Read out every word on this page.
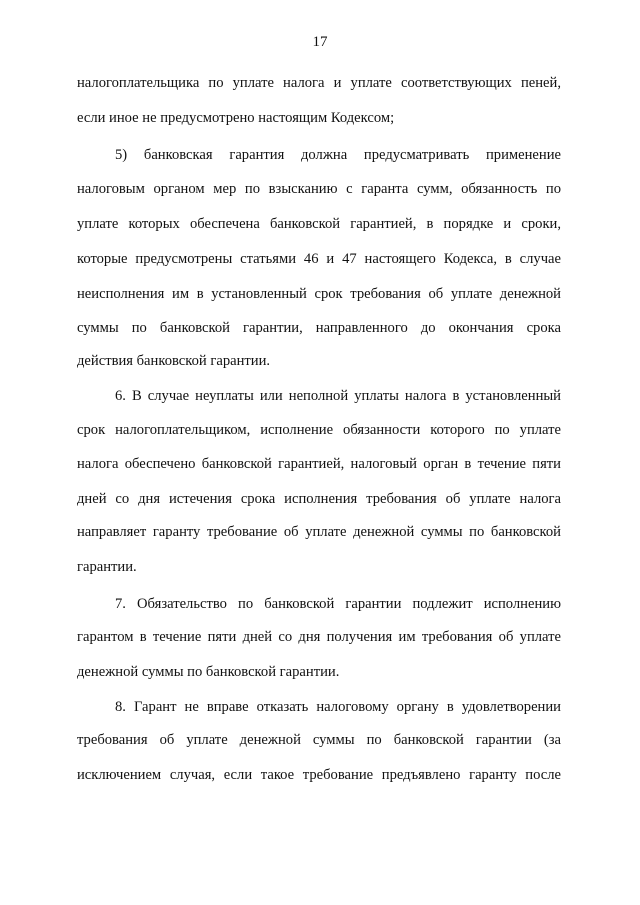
17
налогоплательщика по уплате налога и уплате соответствующих пеней,
если иное не предусмотрено настоящим Кодексом;
5) банковская гарантия должна предусматривать применение
налоговым органом мер по взысканию с гаранта сумм, обязанность по
уплате которых обеспечена банковской гарантией, в порядке и сроки,
которые предусмотрены статьями 46 и 47 настоящего Кодекса, в случае
неисполнения им в установленный срок требования об уплате денежной
суммы по банковской гарантии, направленного до окончания срока
действия банковской гарантии.
6. В случае неуплаты или неполной уплаты налога в установленный
срок налогоплательщиком, исполнение обязанности которого по уплате
налога обеспечено банковской гарантией, налоговый орган в течение пяти
дней со дня истечения срока исполнения требования об уплате налога
направляет гаранту требование об уплате денежной суммы по банковской
гарантии.
7. Обязательство по банковской гарантии подлежит исполнению
гарантом в течение пяти дней со дня получения им требования об уплате
денежной суммы по банковской гарантии.
8. Гарант не вправе отказать налоговому органу в удовлетворении
требования об уплате денежной суммы по банковской гарантии (за
исключением случая, если такое требование предъявлено гаранту после
